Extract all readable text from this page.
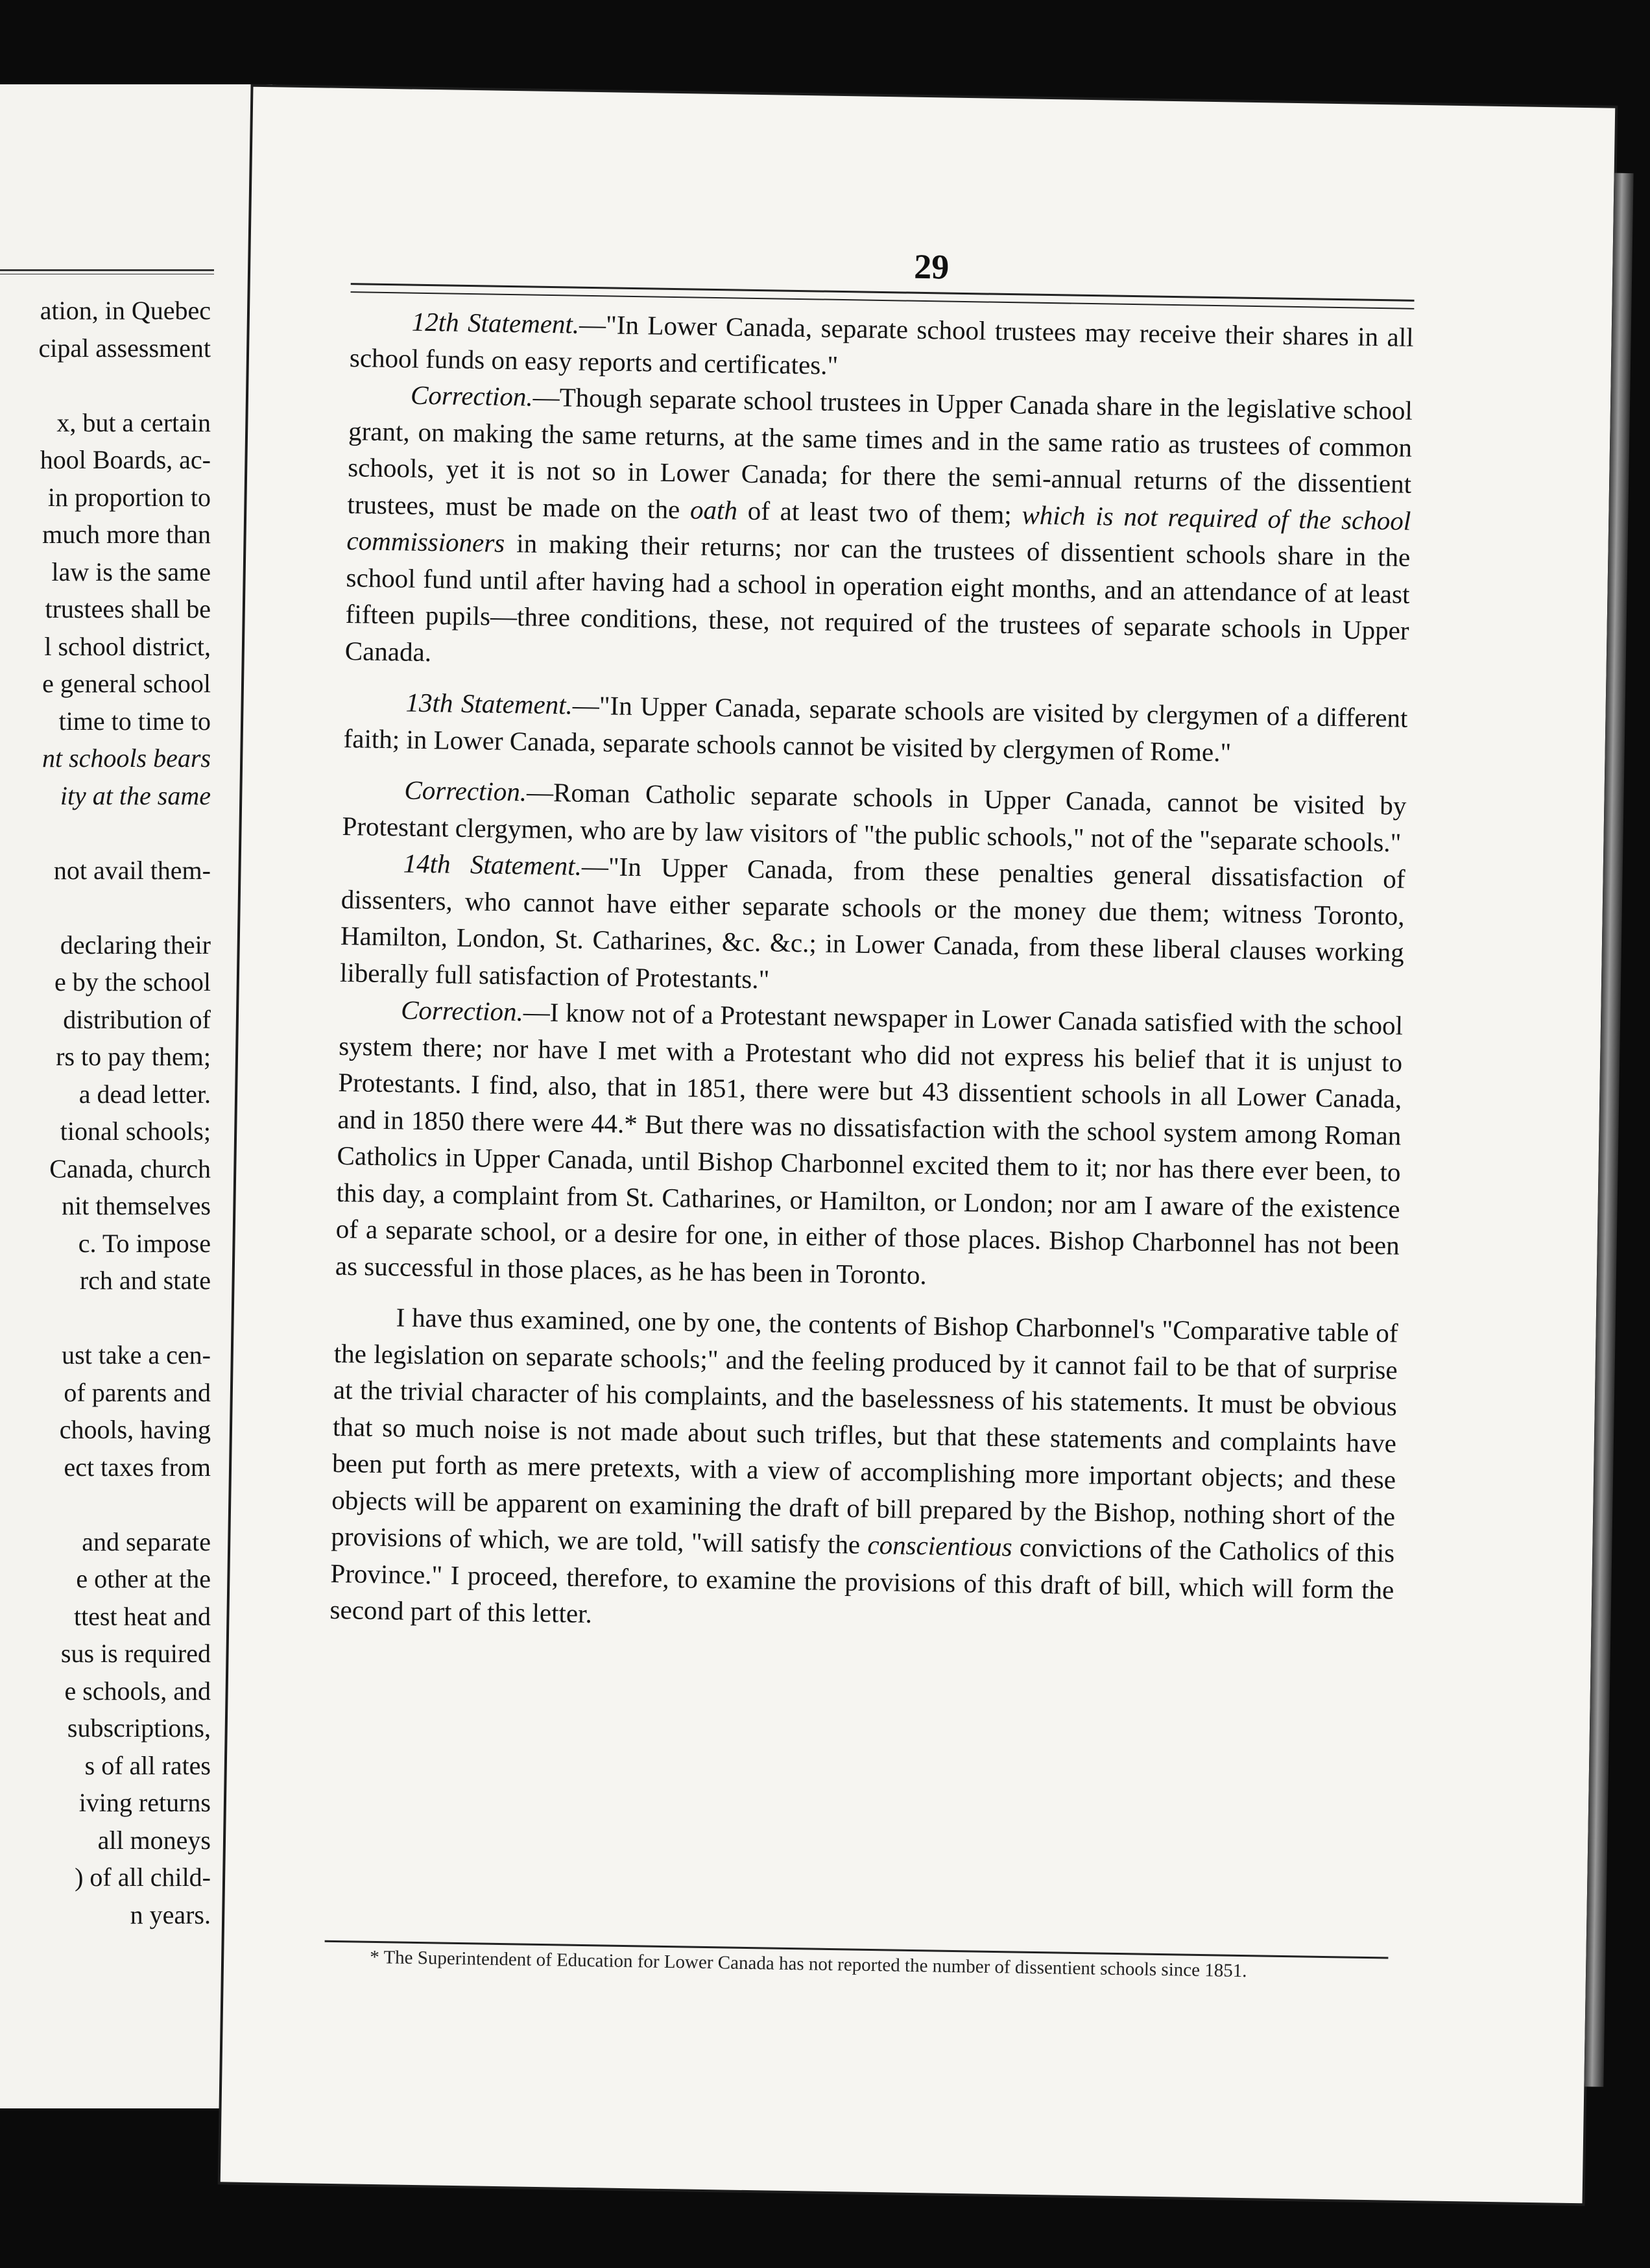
ation, in Quebec
cipal assessment

x, but a certain
hool Boards, ac-
in proportion to
much more than
law is the same
trustees shall be
l school district,
e general school
time to time to
nt schools bears
ity at the same

not avail them-

declaring their
e by the school
distribution of
rs to pay them;
a dead letter.
tional schools;
Canada, church
nit themselves
c. To impose
rch and state

ust take a cen-
of parents and
chools, having
ect taxes from

and separate
e other at the
ttest heat and
sus is required
e schools, and
subscriptions,
s of all rates
iving returns
all moneys
) of all child-
n years.
29

12th Statement.—"In Lower Canada, separate school trustees may receive their shares in all school funds on easy reports and certificates."

Correction.—Though separate school trustees in Upper Canada share in the legislative school grant, on making the same returns, at the same times and in the same ratio as trustees of common schools, yet it is not so in Lower Canada; for there the semi-annual returns of the dissentient trustees, must be made on the oath of at least two of them; which is not required of the school commissioners in making their returns; nor can the trustees of dissentient schools share in the school fund until after having had a school in operation eight months, and an attendance of at least fifteen pupils—three conditions, these, not required of the trustees of separate schools in Upper Canada.

13th Statement.—"In Upper Canada, separate schools are visited by clergymen of a different faith; in Lower Canada, separate schools cannot be visited by clergymen of Rome."

Correction.—Roman Catholic separate schools in Upper Canada, cannot be visited by Protestant clergymen, who are by law visitors of "the public schools," not of the "separate schools."

14th Statement.—"In Upper Canada, from these penalties general dissatisfaction of dissenters, who cannot have either separate schools or the money due them; witness Toronto, Hamilton, London, St. Catharines, &c. &c.; in Lower Canada, from these liberal clauses working liberally full satisfaction of Protestants."

Correction.—I know not of a Protestant newspaper in Lower Canada satisfied with the school system there; nor have I met with a Protestant who did not express his belief that it is unjust to Protestants. I find, also, that in 1851, there were but 43 dissentient schools in all Lower Canada, and in 1850 there were 44.* But there was no dissatisfaction with the school system among Roman Catholics in Upper Canada, until Bishop Charbonnel excited them to it; nor has there ever been, to this day, a complaint from St. Catharines, or Hamilton, or London; nor am I aware of the existence of a separate school, or a desire for one, in either of those places. Bishop Charbonnel has not been as successful in those places, as he has been in Toronto.

I have thus examined, one by one, the contents of Bishop Charbonnel's "Comparative table of the legislation on separate schools;" and the feeling produced by it cannot fail to be that of surprise at the trivial character of his complaints, and the baselessness of his statements. It must be obvious that so much noise is not made about such trifles, but that these statements and complaints have been put forth as mere pretexts, with a view of accomplishing more important objects; and these objects will be apparent on examining the draft of bill prepared by the Bishop, nothing short of the provisions of which, we are told, "will satisfy the conscientious convictions of the Catholics of this Province." I proceed, therefore, to examine the provisions of this draft of bill, which will form the second part of this letter.

* The Superintendent of Education for Lower Canada has not reported the number of dissentient schools since 1851.
